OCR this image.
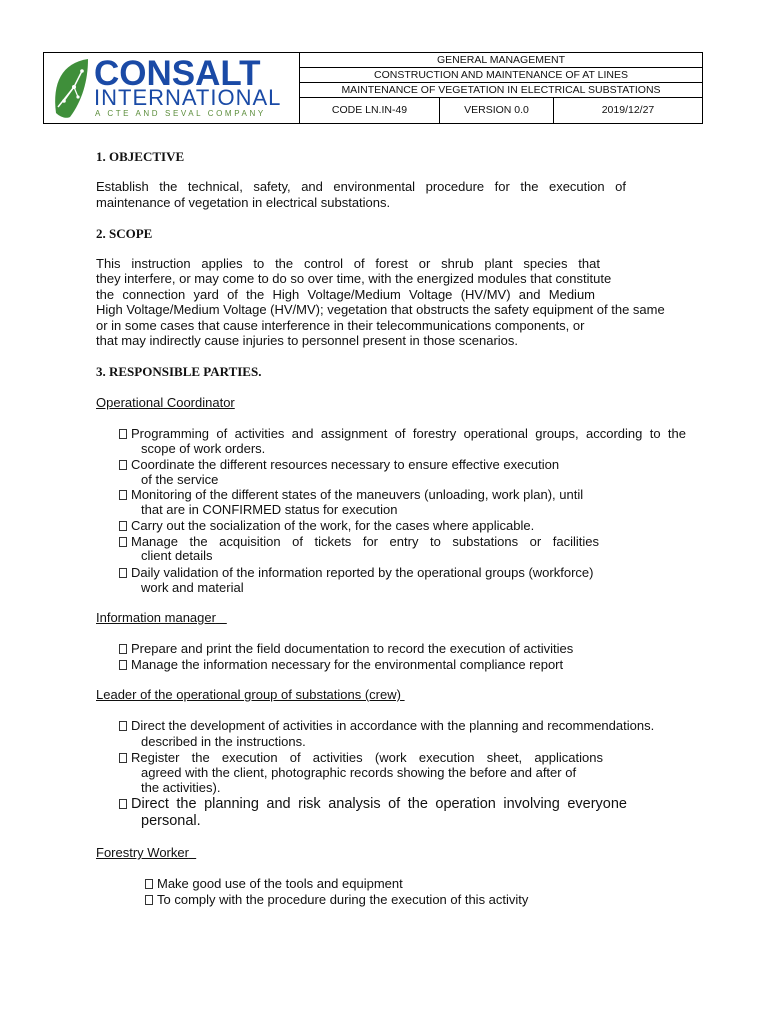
CONSALT
INTERNATIONAL
A CTE AND SEVAL COMPANY
GENERAL MANAGEMENT
CONSTRUCTION AND MAINTENANCE OF AT LINES
MAINTENANCE OF VEGETATION IN ELECTRICAL SUBSTATIONS
CODE LN.IN-49	VERSION 0.0	2019/12/27
1. OBJECTIVE
Establish the technical, safety, and environmental procedure for the execution of
maintenance of vegetation in electrical substations.
2. SCOPE
This instruction applies to the control of forest or shrub plant species that
they interfere, or may come to do so over time, with the energized modules that constitute
the connection yard of the High Voltage/Medium Voltage (HV/MV) and Medium
High Voltage/Medium Voltage (HV/MV); vegetation that obstructs the safety equipment of the same
or in some cases that cause interference in their telecommunications components, or
that may indirectly cause injuries to personnel present in those scenarios.
3. RESPONSIBLE PARTIES.
Operational Coordinator
Programming of activities and assignment of forestry operational groups, according to the
scope of work orders.
Coordinate the different resources necessary to ensure effective execution
of the service
Monitoring of the different states of the maneuvers (unloading, work plan), until
that are in CONFIRMED status for execution
Carry out the socialization of the work, for the cases where applicable.
Manage the acquisition of tickets for entry to substations or facilities
client details
Daily validation of the information reported by the operational groups (workforce)
work and material
Information manager
Prepare and print the field documentation to record the execution of activities
Manage the information necessary for the environmental compliance report
Leader of the operational group of substations (crew)
Direct the development of activities in accordance with the planning and recommendations.
described in the instructions.
Register the execution of activities (work execution sheet, applications
agreed with the client, photographic records showing the before and after of
the activities).
Direct the planning and risk analysis of the operation involving everyone
personal.
Forestry Worker
Make good use of the tools and equipment
To comply with the procedure during the execution of this activity
